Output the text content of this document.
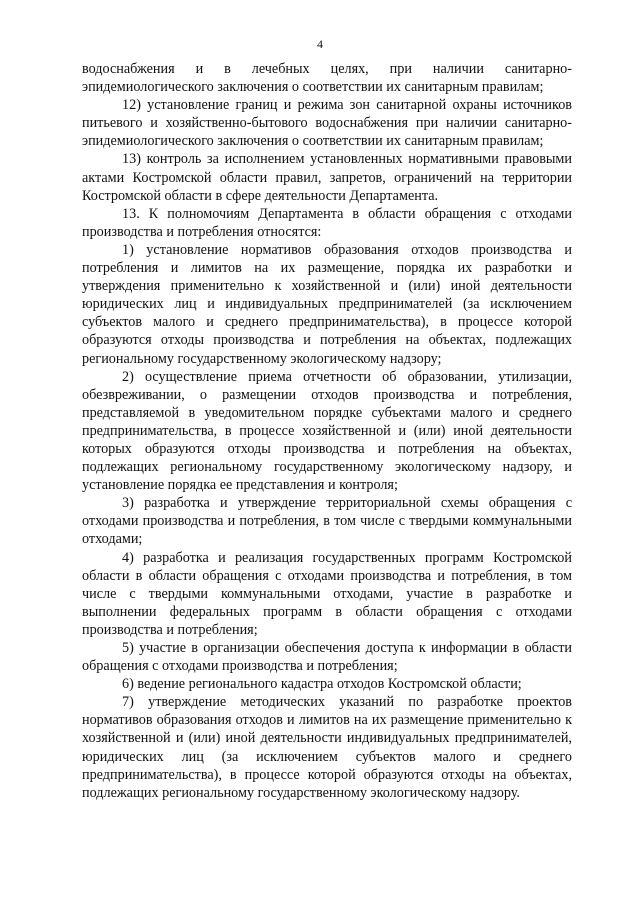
4

водоснабжения и в лечебных целях, при наличии санитарно-эпидемиологического заключения о соответствии их санитарным правилам;

12) установление границ и режима зон санитарной охраны источников питьевого и хозяйственно-бытового водоснабжения при наличии санитарно-эпидемиологического заключения о соответствии их санитарным правилам;

13) контроль за исполнением установленных нормативными правовыми актами Костромской области правил, запретов, ограничений на территории Костромской области в сфере деятельности Департамента.

13. К полномочиям Департамента в области обращения с отходами производства и потребления относятся:

1) установление нормативов образования отходов производства и потребления и лимитов на их размещение, порядка их разработки и утверждения применительно к хозяйственной и (или) иной деятельности юридических лиц и индивидуальных предпринимателей (за исключением субъектов малого и среднего предпринимательства), в процессе которой образуются отходы производства и потребления на объектах, подлежащих региональному государственному экологическому надзору;

2) осуществление приема отчетности об образовании, утилизации, обезвреживании, о размещении отходов производства и потребления, представляемой в уведомительном порядке субъектами малого и среднего предпринимательства, в процессе хозяйственной и (или) иной деятельности которых образуются отходы производства и потребления на объектах, подлежащих региональному государственному экологическому надзору, и установление порядка ее представления и контроля;

3) разработка и утверждение территориальной схемы обращения с отходами производства и потребления, в том числе с твердыми коммунальными отходами;

4) разработка и реализация государственных программ Костромской области в области обращения с отходами производства и потребления, в том числе с твердыми коммунальными отходами, участие в разработке и выполнении федеральных программ в области обращения с отходами производства и потребления;

5) участие в организации обеспечения доступа к информации в области обращения с отходами производства и потребления;

6) ведение регионального кадастра отходов Костромской области;

7) утверждение методических указаний по разработке проектов нормативов образования отходов и лимитов на их размещение применительно к хозяйственной и (или) иной деятельности индивидуальных предпринимателей, юридических лиц (за исключением субъектов малого и среднего предпринимательства), в процессе которой образуются отходы на объектах, подлежащих региональному государственному экологическому надзору.
